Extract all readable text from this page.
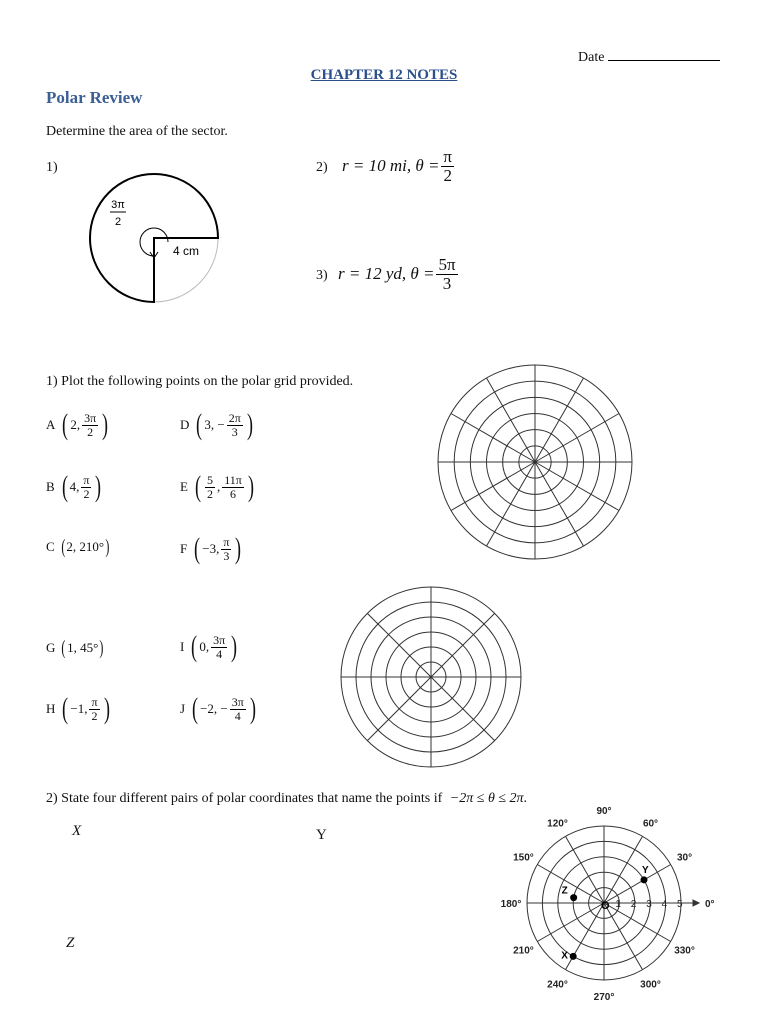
Date
CHAPTER 12 NOTES
Polar Review
Determine the area of the sector.
1)
3π
2
4 cm
2) r = 10 mi, $\theta = \frac{\pi}{2}$
3) r = 12 yd, $\theta = \frac{5\pi}{3}$
1) Plot the following points on the polar grid provided.
A ( 2, $\frac{3\pi}{2}$ )	D ( 3, − $\frac{2\pi}{3}$ )
B ( 4, $\frac{\pi}{2}$ )	E ( $\frac{5}{2}$ , $\frac{11\pi}{6}$ )
C ( 2, 210° )	F ( −3, $\frac{\pi}{3}$ )
G ( 1, 45° )	I ( 0, $\frac{3\pi}{4}$ )
H ( −1, $\frac{\pi}{2}$ )	J ( −2, − $\frac{3\pi}{4}$ )
2) State four different pairs of polar coordinates that name the points if −2π ≤ θ ≤ 2π.
X	Y
Z
0°
30°
60°
90°
120°
150°
180°
210°
240°
270°
300°
330°
1 2 3 4 5
O
Y
Z
X
